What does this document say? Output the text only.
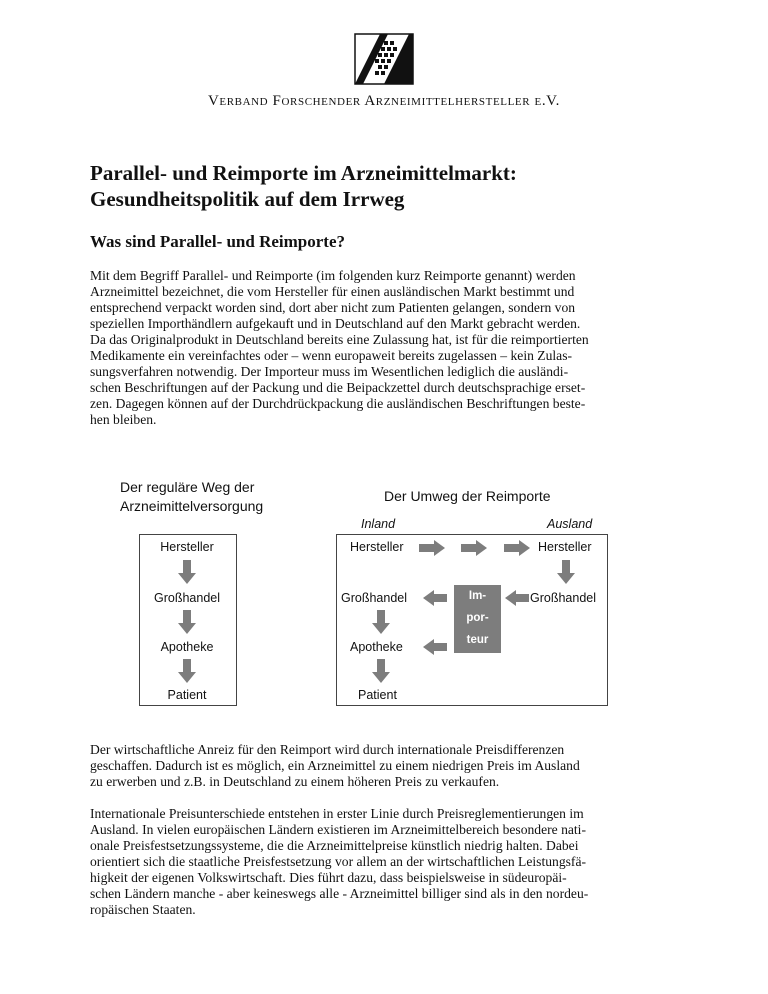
Verband Forschender Arzneimittelhersteller e.V.
Parallel- und Reimporte im Arzneimittelmarkt:
Gesundheitspolitik auf dem Irrweg
Was sind Parallel- und Reimporte?
Mit dem Begriff Parallel- und Reimporte (im folgenden kurz Reimporte genannt) werden
Arzneimittel bezeichnet, die vom Hersteller für einen ausländischen Markt bestimmt und
entsprechend verpackt worden sind, dort aber nicht zum Patienten gelangen, sondern von
speziellen Importhändlern aufgekauft und in Deutschland auf den Markt gebracht werden.
Da das Originalprodukt in Deutschland bereits eine Zulassung hat, ist für die reimportierten
Medikamente ein vereinfachtes oder – wenn europaweit bereits zugelassen – kein Zulas-
sungsverfahren notwendig. Der Importeur muss im Wesentlichen lediglich die ausländi-
schen Beschriftungen auf der Packung und die Beipackzettel durch deutschsprachige erset-
zen. Dagegen können auf der Durchdrückpackung die ausländischen Beschriftungen beste-
hen bleiben.
Der reguläre Weg der
Arzneimittelversorgung
Der Umweg der Reimporte
Inland	Ausland
Hersteller
Großhandel
Apotheke
Patient
Hersteller	Hersteller
Großhandel	Großhandel
Apotheke
Patient
Im-
por-
teur
Der wirtschaftliche Anreiz für den Reimport wird durch internationale Preisdifferenzen
geschaffen. Dadurch ist es möglich, ein Arzneimittel zu einem niedrigen Preis im Ausland
zu erwerben und z.B. in Deutschland zu einem höheren Preis zu verkaufen.
Internationale Preisunterschiede entstehen in erster Linie durch Preisreglementierungen im
Ausland. In vielen europäischen Ländern existieren im Arzneimittelbereich besondere nati-
onale Preisfestsetzungssysteme, die die Arzneimittelpreise künstlich niedrig halten. Dabei
orientiert sich die staatliche Preisfestsetzung vor allem an der wirtschaftlichen Leistungsfä-
higkeit der eigenen Volkswirtschaft. Dies führt dazu, dass beispielsweise in südeuropäi-
schen Ländern manche - aber keineswegs alle - Arzneimittel billiger sind als in den nordeu-
ropäischen Staaten.
